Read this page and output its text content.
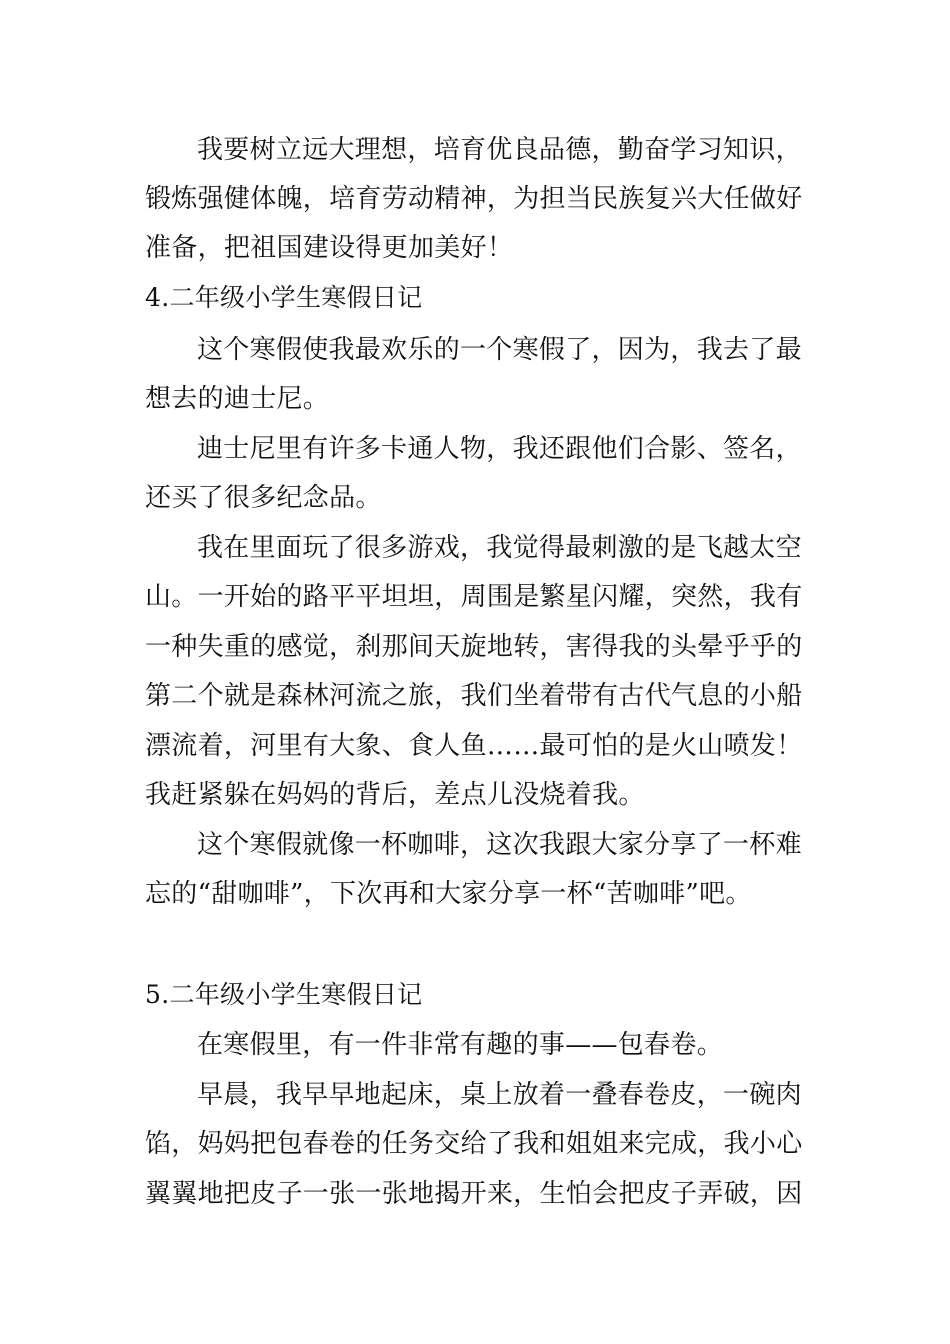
我要树立远大理想，培育优良品德，勤奋学习知识，
锻炼强健体魄，培育劳动精神，为担当民族复兴大任做好
准备，把祖国建设得更加美好！
4.二年级小学生寒假日记
这个寒假使我最欢乐的一个寒假了，因为，我去了最
想去的迪士尼。
迪士尼里有许多卡通人物，我还跟他们合影、签名，
还买了很多纪念品。
我在里面玩了很多游戏，我觉得最刺激的是飞越太空
山。一开始的路平平坦坦，周围是繁星闪耀，突然，我有
一种失重的感觉，刹那间天旋地转，害得我的头晕乎乎的
第二个就是森林河流之旅，我们坐着带有古代气息的小船
漂流着，河里有大象、食人鱼……最可怕的是火山喷发！
我赶紧躲在妈妈的背后，差点儿没烧着我。
这个寒假就像一杯咖啡，这次我跟大家分享了一杯难
忘的“甜咖啡”，下次再和大家分享一杯“苦咖啡”吧。
5.二年级小学生寒假日记
在寒假里，有一件非常有趣的事——包春卷。
早晨，我早早地起床，桌上放着一叠春卷皮，一碗肉
馅，妈妈把包春卷的任务交给了我和姐姐来完成，我小心
翼翼地把皮子一张一张地揭开来，生怕会把皮子弄破，因
